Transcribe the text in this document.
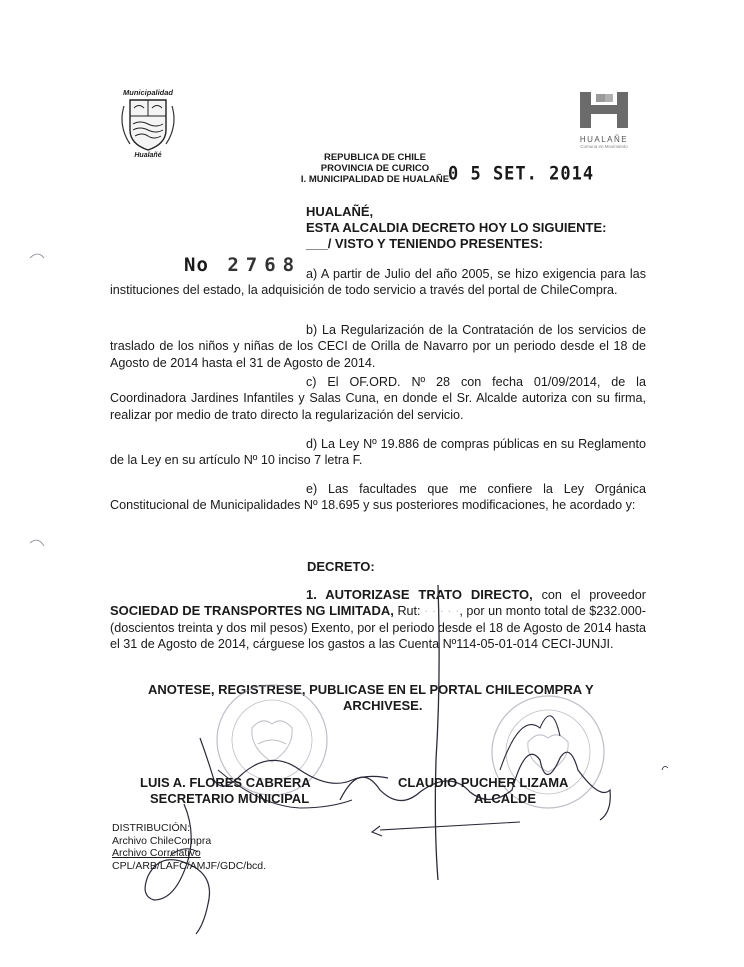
Municipalidad
Hualañé
HUALAÑE
Comuna en Movimiento
REPUBLICA DE CHILE
PROVINCIA DE CURICO
I. MUNICIPALIDAD DE HUALAÑE
0 5 SET. 2014
HUALAÑÉ,
ESTA ALCALDIA DECRETO HOY LO SIGUIENTE:
___/ VISTO Y TENIENDO PRESENTES:
No 2768 a) A partir de Julio del año 2005, se hizo exigencia para las instituciones del estado, la adquisición de todo servicio a través del portal de ChileCompra.
b) La Regularización de la Contratación de los servicios de traslado de los niños y niñas de los CECI de Orilla de Navarro por un periodo desde el 18 de Agosto de 2014 hasta el 31 de Agosto de 2014.
c) El OF.ORD. Nº 28 con fecha 01/09/2014, de la Coordinadora Jardines Infantiles y Salas Cuna, en donde el Sr. Alcalde autoriza con su firma, realizar por medio de trato directo la regularización del servicio.
d) La Ley Nº 19.886 de compras públicas en su Reglamento de la Ley en su artículo Nº 10 inciso 7 letra F.
e) Las facultades que me confiere la Ley Orgánica Constitucional de Municipalidades Nº 18.695 y sus posteriores modificaciones, he acordado y:
DECRETO:
1. AUTORIZASE TRATO DIRECTO, con el proveedor SOCIEDAD DE TRANSPORTES NG LIMITADA, Rut: · · · · ·, por un monto total de $232.000- (doscientos treinta y dos mil pesos) Exento, por el periodo desde el 18 de Agosto de 2014 hasta el 31 de Agosto de 2014, cárguese los gastos a las Cuenta Nº114-05-01-014 CECI-JUNJI.
ANOTESE, REGISTRESE, PUBLICASE EN EL PORTAL CHILECOMPRA Y
ARCHIVESE.
LUIS A. FLORES CABRERA
SECRETARIO MUNICIPAL
CLAUDIO PUCHER LIZAMA
ALCALDE
DISTRIBUCIÓN:
Archivo ChileCompra
Archivo Correlativo
CPL/ARB/LAFC/AMJF/GDC/bcd.
